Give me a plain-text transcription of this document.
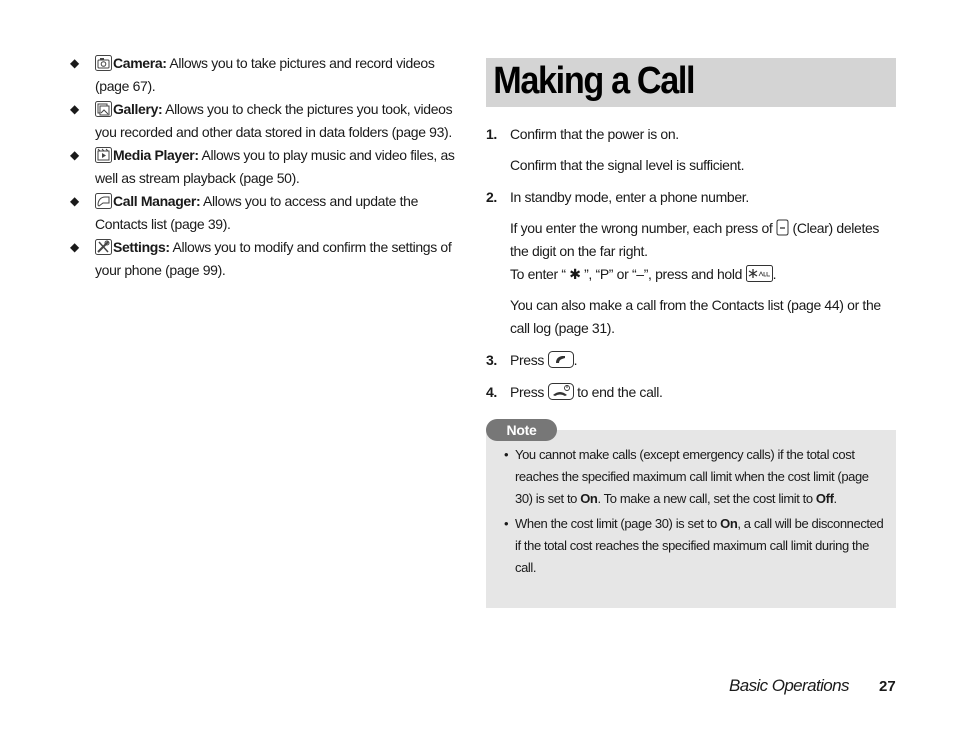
◆	Camera: Allows you to take pictures and record videos (page 67).
◆	Gallery: Allows you to check the pictures you took, videos you recorded and other data stored in data folders (page 93).
◆	Media Player: Allows you to play music and video files, as well as stream playback (page 50).
◆	Call Manager: Allows you to access and update the Contacts list (page 39).
◆	Settings: Allows you to modify and confirm the settings of your phone (page 99).
Making a Call
1. Confirm that the power is on.

Confirm that the signal level is sufficient.

2. In standby mode, enter a phone number.

If you enter the wrong number, each press of  (Clear) deletes the digit on the far right.

To enter “ ✱ ”, “P” or “–”, press and hold .

You can also make a call from the Contacts list (page 44) or the call log (page 31).

3. Press .

4. Press  to end the call.

Note
• You cannot make calls (except emergency calls) if the total cost reaches the specified maximum call limit when the cost limit (page 30) is set to On. To make a new call, set the cost limit to Off.
• When the cost limit (page 30) is set to On, a call will be disconnected if the total cost reaches the specified maximum call limit during the call.
Basic Operations 27
